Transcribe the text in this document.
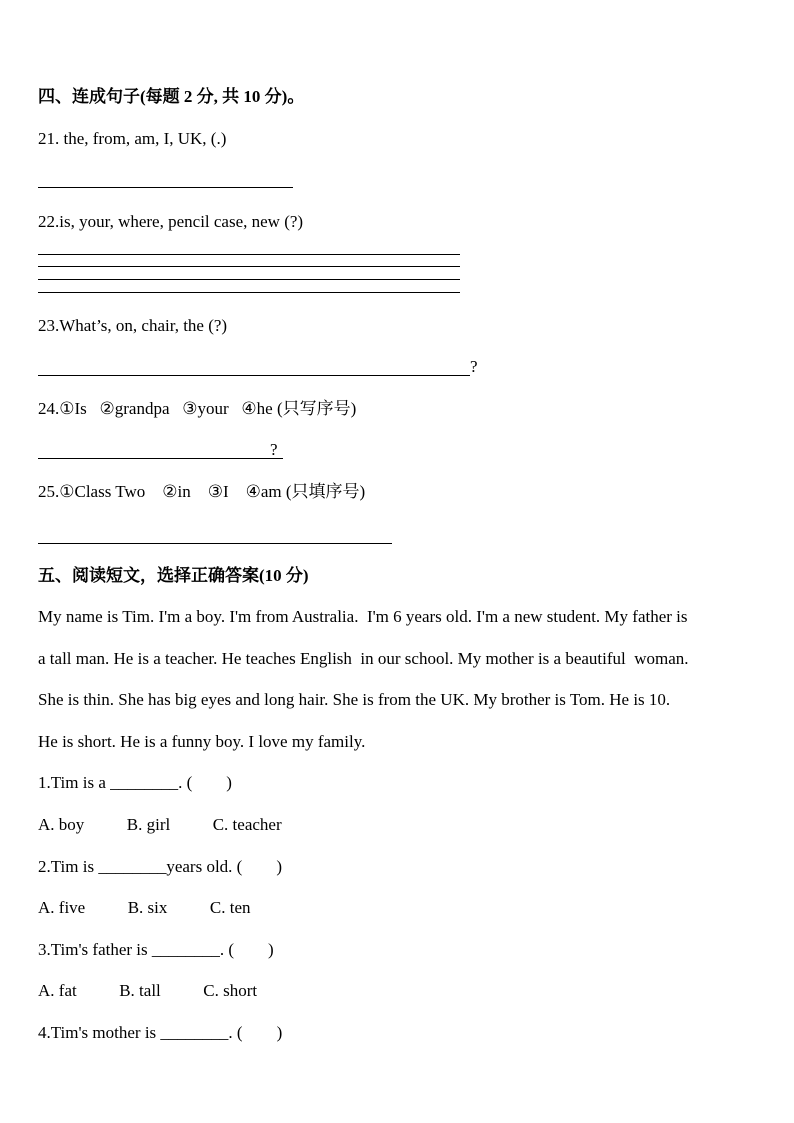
四、连成句子(每题 2 分, 共 10 分)。
21. the, from, am, I, UK, (.)
22.is, your, where, pencil case, new (?)
23.What’s, on, chair, the (?)
?
24.①Is   ②grandpa   ③your   ④he (只写序号)
?
25.①Class Two    ②in    ③I    ④am (只填序号)
五、阅读短文，选择正确答案(10 分)
My name is Tim. I'm a boy. I'm from Australia.  I'm 6 years old. I'm a new student. My father is
a tall man. He is a teacher. He teaches English  in our school. My mother is a beautiful  woman.
She is thin. She has big eyes and long hair. She is from the UK. My brother is Tom. He is 10.
He is short. He is a funny boy. I love my family.
1.Tim is a ________. (        )
A. boy          B. girl          C. teacher
2.Tim is ________years old. (        )
A. five          B. six          C. ten
3.Tim's father is ________. (        )
A. fat          B. tall          C. short
4.Tim's mother is ________. (        )
